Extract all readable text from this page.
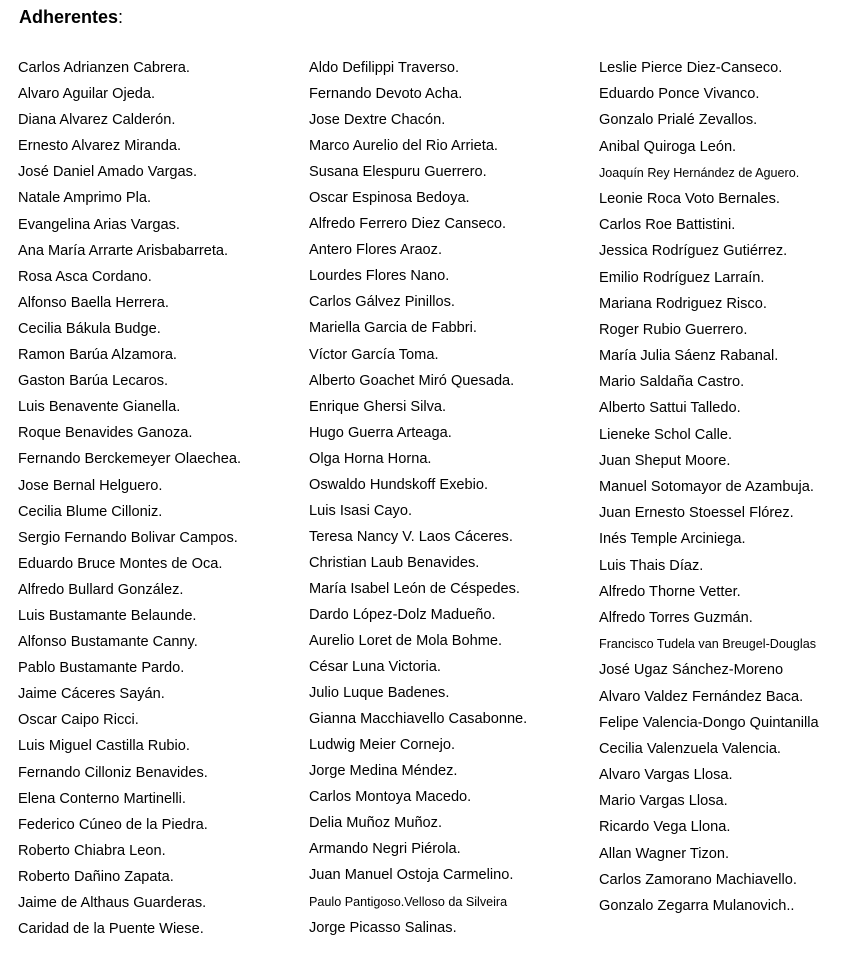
Adherentes:
Carlos Adrianzen Cabrera.
Alvaro Aguilar Ojeda.
Diana Alvarez Calderón.
Ernesto Alvarez Miranda.
José Daniel Amado Vargas.
Natale Amprimo Pla.
Evangelina Arias Vargas.
Ana María Arrarte Arisbabarreta.
Rosa Asca Cordano.
Alfonso Baella Herrera.
Cecilia Bákula Budge.
Ramon Barúa Alzamora.
Gaston Barúa Lecaros.
Luis Benavente Gianella.
Roque Benavides Ganoza.
Fernando Berckemeyer Olaechea.
Jose Bernal Helguero.
Cecilia Blume Cilloniz.
Sergio Fernando Bolivar Campos.
Eduardo Bruce Montes de Oca.
Alfredo Bullard González.
Luis Bustamante Belaunde.
Alfonso Bustamante Canny.
Pablo Bustamante Pardo.
Jaime Cáceres Sayán.
Oscar Caipo Ricci.
Luis Miguel Castilla Rubio.
Fernando Cilloniz Benavides.
Elena Conterno Martinelli.
Federico Cúneo de la Piedra.
Roberto Chiabra Leon.
Roberto Dañino Zapata.
Jaime de Althaus Guarderas.
Caridad de la Puente Wiese.
Aldo Defilippi Traverso.
Fernando Devoto Acha.
Jose Dextre Chacón.
Marco Aurelio del Rio Arrieta.
Susana Elespuru Guerrero.
Oscar Espinosa Bedoya.
Alfredo Ferrero Diez Canseco.
Antero Flores Araoz.
Lourdes Flores Nano.
Carlos Gálvez Pinillos.
Mariella Garcia de Fabbri.
Víctor García Toma.
Alberto Goachet Miró Quesada.
Enrique Ghersi Silva.
Hugo Guerra Arteaga.
Olga Horna Horna.
Oswaldo Hundskoff Exebio.
Luis Isasi Cayo.
Teresa Nancy V. Laos Cáceres.
Christian Laub Benavides.
María Isabel León de Céspedes.
Dardo López-Dolz Madueño.
Aurelio Loret de Mola Bohme.
César Luna Victoria.
Julio Luque Badenes.
Gianna Macchiavello Casabonne.
Ludwig Meier Cornejo.
Jorge Medina Méndez.
Carlos Montoya Macedo.
Delia Muñoz Muñoz.
Armando Negri Piérola.
Juan Manuel Ostoja Carmelino.
Paulo Pantigoso.Velloso da Silveira
Jorge Picasso Salinas.
Leslie Pierce Diez-Canseco.
Eduardo Ponce Vivanco.
Gonzalo Prialé Zevallos.
Anibal Quiroga León.
Joaquín Rey Hernández de Aguero.
Leonie Roca Voto Bernales.
Carlos Roe Battistini.
Jessica Rodríguez Gutiérrez.
Emilio Rodríguez Larraín.
Mariana Rodriguez Risco.
Roger Rubio Guerrero.
María Julia Sáenz Rabanal.
Mario Saldaña Castro.
Alberto Sattui Talledo.
Lieneke Schol Calle.
Juan Sheput Moore.
Manuel Sotomayor de Azambuja.
Juan Ernesto Stoessel Flórez.
Inés Temple Arciniega.
Luis Thais Díaz.
Alfredo Thorne Vetter.
Alfredo Torres Guzmán.
Francisco Tudela van Breugel-Douglas
José Ugaz Sánchez-Moreno
Alvaro Valdez Fernández Baca.
Felipe Valencia-Dongo Quintanilla
Cecilia Valenzuela Valencia.
Alvaro Vargas Llosa.
Mario Vargas Llosa.
Ricardo Vega Llona.
Allan Wagner Tizon.
Carlos Zamorano Machiavello.
Gonzalo Zegarra Mulanovich..
